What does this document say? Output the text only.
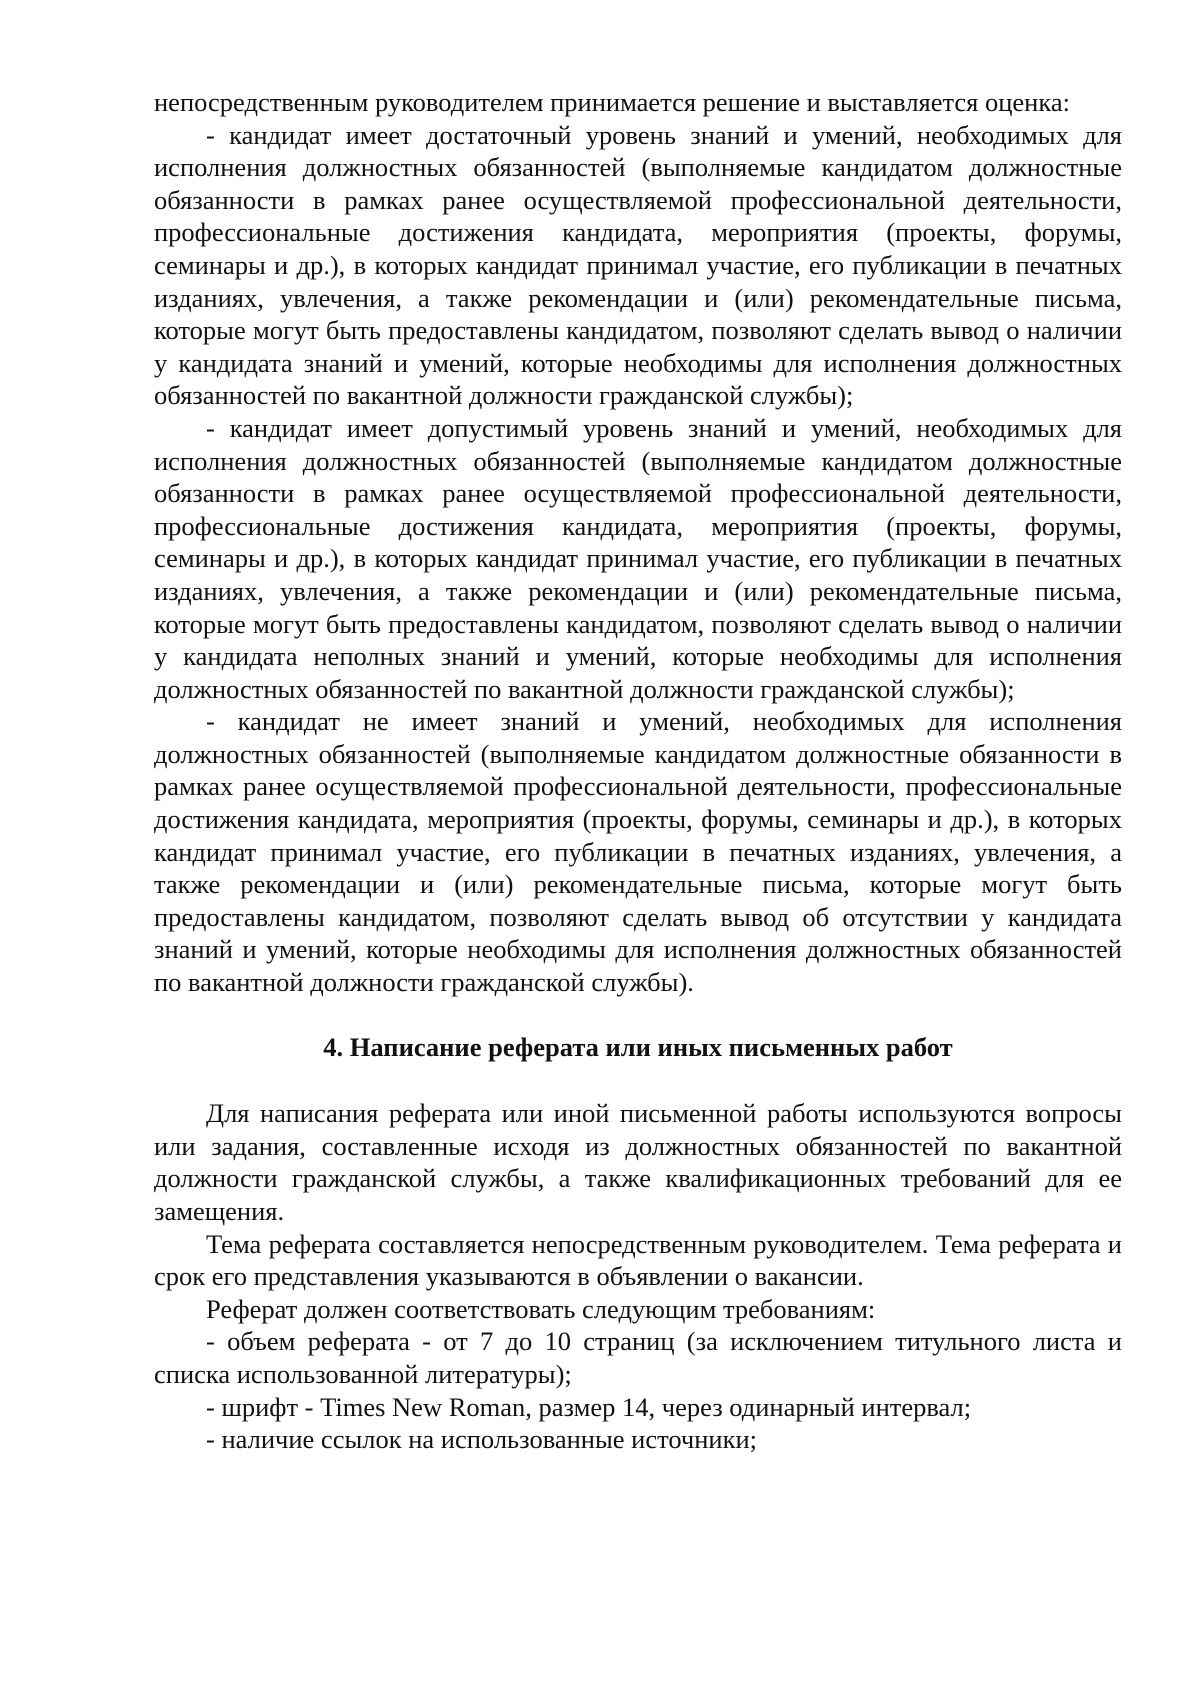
непосредственным руководителем принимается решение и выставляется оценка:

- кандидат имеет достаточный уровень знаний и умений, необходимых для исполнения должностных обязанностей (выполняемые кандидатом должностные обязанности в рамках ранее осуществляемой профессиональной деятельности, профессиональные достижения кандидата, мероприятия (проекты, форумы, семинары и др.), в которых кандидат принимал участие, его публикации в печатных изданиях, увлечения, а также рекомендации и (или) рекомендательные письма, которые могут быть предоставлены кандидатом, позволяют сделать вывод о наличии у кандидата знаний и умений, которые необходимы для исполнения должностных обязанностей по вакантной должности гражданской службы);

- кандидат имеет допустимый уровень знаний и умений, необходимых для исполнения должностных обязанностей (выполняемые кандидатом должностные обязанности в рамках ранее осуществляемой профессиональной деятельности, профессиональные достижения кандидата, мероприятия (проекты, форумы, семинары и др.), в которых кандидат принимал участие, его публикации в печатных изданиях, увлечения, а также рекомендации и (или) рекомендательные письма, которые могут быть предоставлены кандидатом, позволяют сделать вывод о наличии у кандидата неполных знаний и умений, которые необходимы для исполнения должностных обязанностей по вакантной должности гражданской службы);

- кандидат не имеет знаний и умений, необходимых для исполнения должностных обязанностей (выполняемые кандидатом должностные обязанности в рамках ранее осуществляемой профессиональной деятельности, профессиональные достижения кандидата, мероприятия (проекты, форумы, семинары и др.), в которых кандидат принимал участие, его публикации в печатных изданиях, увлечения, а также рекомендации и (или) рекомендательные письма, которые могут быть предоставлены кандидатом, позволяют сделать вывод об отсутствии у кандидата знаний и умений, которые необходимы для исполнения должностных обязанностей по вакантной должности гражданской службы).

4. Написание реферата или иных письменных работ

Для написания реферата или иной письменной работы используются вопросы или задания, составленные исходя из должностных обязанностей по вакантной должности гражданской службы, а также квалификационных требований для ее замещения.

Тема реферата составляется непосредственным руководителем. Тема реферата и срок его представления указываются в объявлении о вакансии.

Реферат должен соответствовать следующим требованиям:

- объем реферата - от 7 до 10 страниц (за исключением титульного листа и списка использованной литературы);

- шрифт - Times New Roman, размер 14, через одинарный интервал;

- наличие ссылок на использованные источники;
